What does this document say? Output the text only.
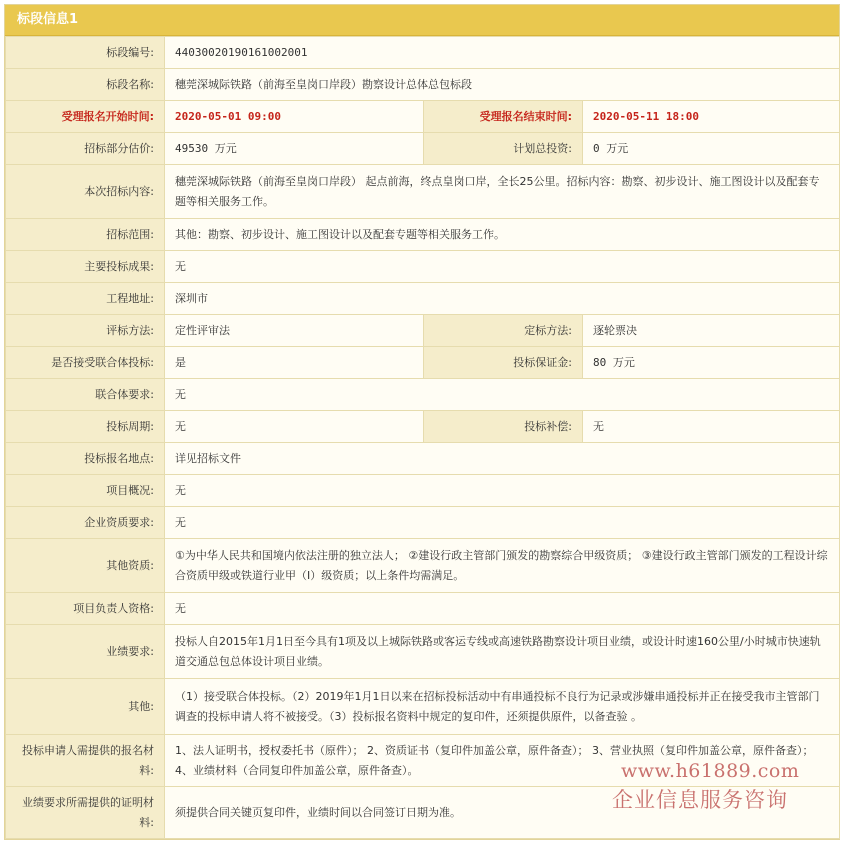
标段信息1
标段编号:	44030020190161002001		
标段名称:	穗莞深城际铁路（前海至皇岗口岸段）勘察设计总体总包标段		
受理报名开始时间:	2020-05-01 09:00	受理报名结束时间:	2020-05-11 18:00
招标部分估价:	49530 万元	计划总投资:	0 万元
本次招标内容:	穗莞深城际铁路（前海至皇岗口岸段） 起点前海，终点皇岗口岸，全长25公里。招标内容：勘察、初步设计、施工图设计以及配套专题等相关服务工作。		
招标范围:	其他：勘察、初步设计、施工图设计以及配套专题等相关服务工作。		
主要投标成果:	无		
工程地址:	深圳市		
评标方法:	定性评审法	定标方法:	逐轮票决
是否接受联合体投标:	是	投标保证金:	80 万元
联合体要求:	无		
投标周期:	无	投标补偿:	无
投标报名地点:	详见招标文件		
项目概况:	无		
企业资质要求:	无		
其他资质:	①为中华人民共和国境内依法注册的独立法人； ②建设行政主管部门颁发的勘察综合甲级资质； ③建设行政主管部门颁发的工程设计综合资质甲级或铁道行业甲（I）级资质；以上条件均需满足。		
项目负责人资格:	无		
业绩要求:	投标人自2015年1月1日至今具有1项及以上城际铁路或客运专线或高速铁路勘察设计项目业绩，或设计时速160公里/小时城市快速轨道交通总包总体设计项目业绩。		
其他:	（1）接受联合体投标。（2）2019年1月1日以来在招标投标活动中有串通投标不良行为记录或涉嫌串通投标并正在接受我市主管部门调查的投标申请人将不被接受。（3）投标报名资料中规定的复印件，还须提供原件，以备查验 。		
投标申请人需提供的报名材料:	1、法人证明书，授权委托书（原件）； 2、资质证书（复印件加盖公章，原件备查）； 3、营业执照（复印件加盖公章，原件备查）； 4、业绩材料（合同复印件加盖公章，原件备查）。		
业绩要求所需提供的证明材料:	须提供合同关键页复印件，业绩时间以合同签订日期为准。		
www.h61889.com
企业信息服务咨询
